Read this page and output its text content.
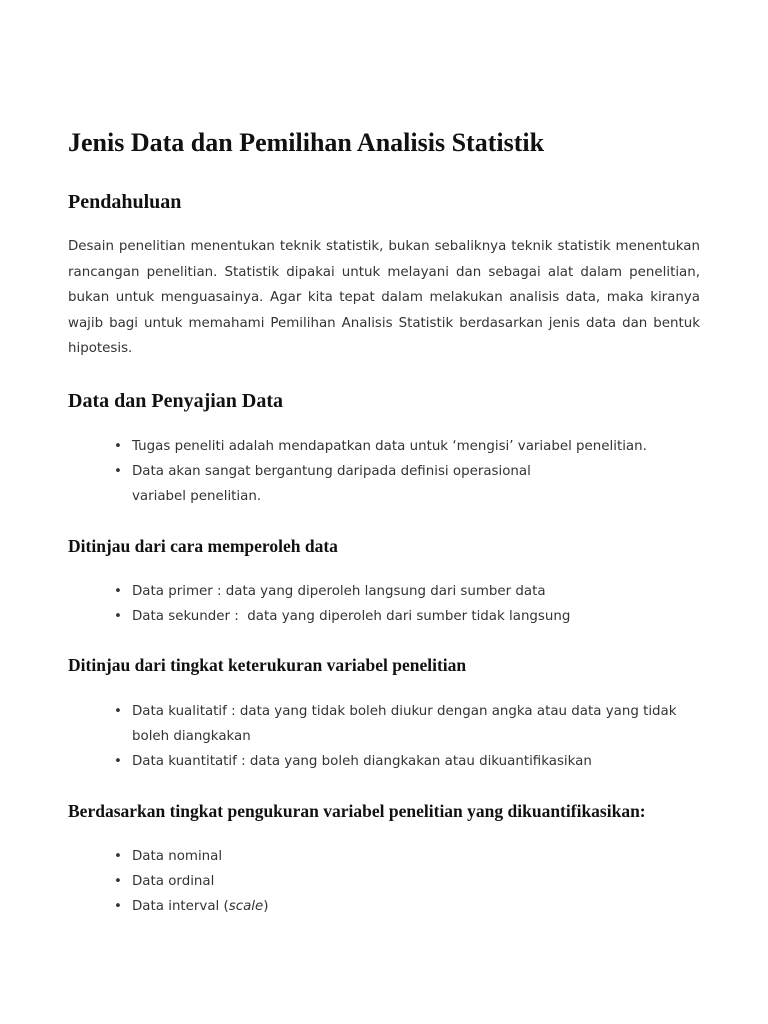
Jenis Data dan Pemilihan Analisis Statistik
Pendahuluan

Desain penelitian menentukan teknik statistik, bukan sebaliknya teknik statistik menentukan rancangan penelitian. Statistik dipakai untuk melayani dan sebagai alat dalam penelitian, bukan untuk menguasainya. Agar kita tepat dalam melakukan analisis data, maka kiranya wajib bagi untuk memahami Pemilihan Analisis Statistik berdasarkan jenis data dan bentuk hipotesis.

Data dan Penyajian Data
• Tugas peneliti adalah mendapatkan data untuk ‘mengisi’ variabel penelitian.
• Data akan sangat bergantung daripada definisi operasional variabel penelitian.
Ditinjau dari cara memperoleh data
• Data primer : data yang diperoleh langsung dari sumber data
• Data sekunder :  data yang diperoleh dari sumber tidak langsung
Ditinjau dari tingkat keterukuran variabel penelitian
• Data kualitatif : data yang tidak boleh diukur dengan angka atau data yang tidak boleh diangkakan
• Data kuantitatif : data yang boleh diangkakan atau dikuantifikasikan
Berdasarkan tingkat pengukuran variabel penelitian yang dikuantifikasikan:
• Data nominal
• Data ordinal
• Data interval (scale)
